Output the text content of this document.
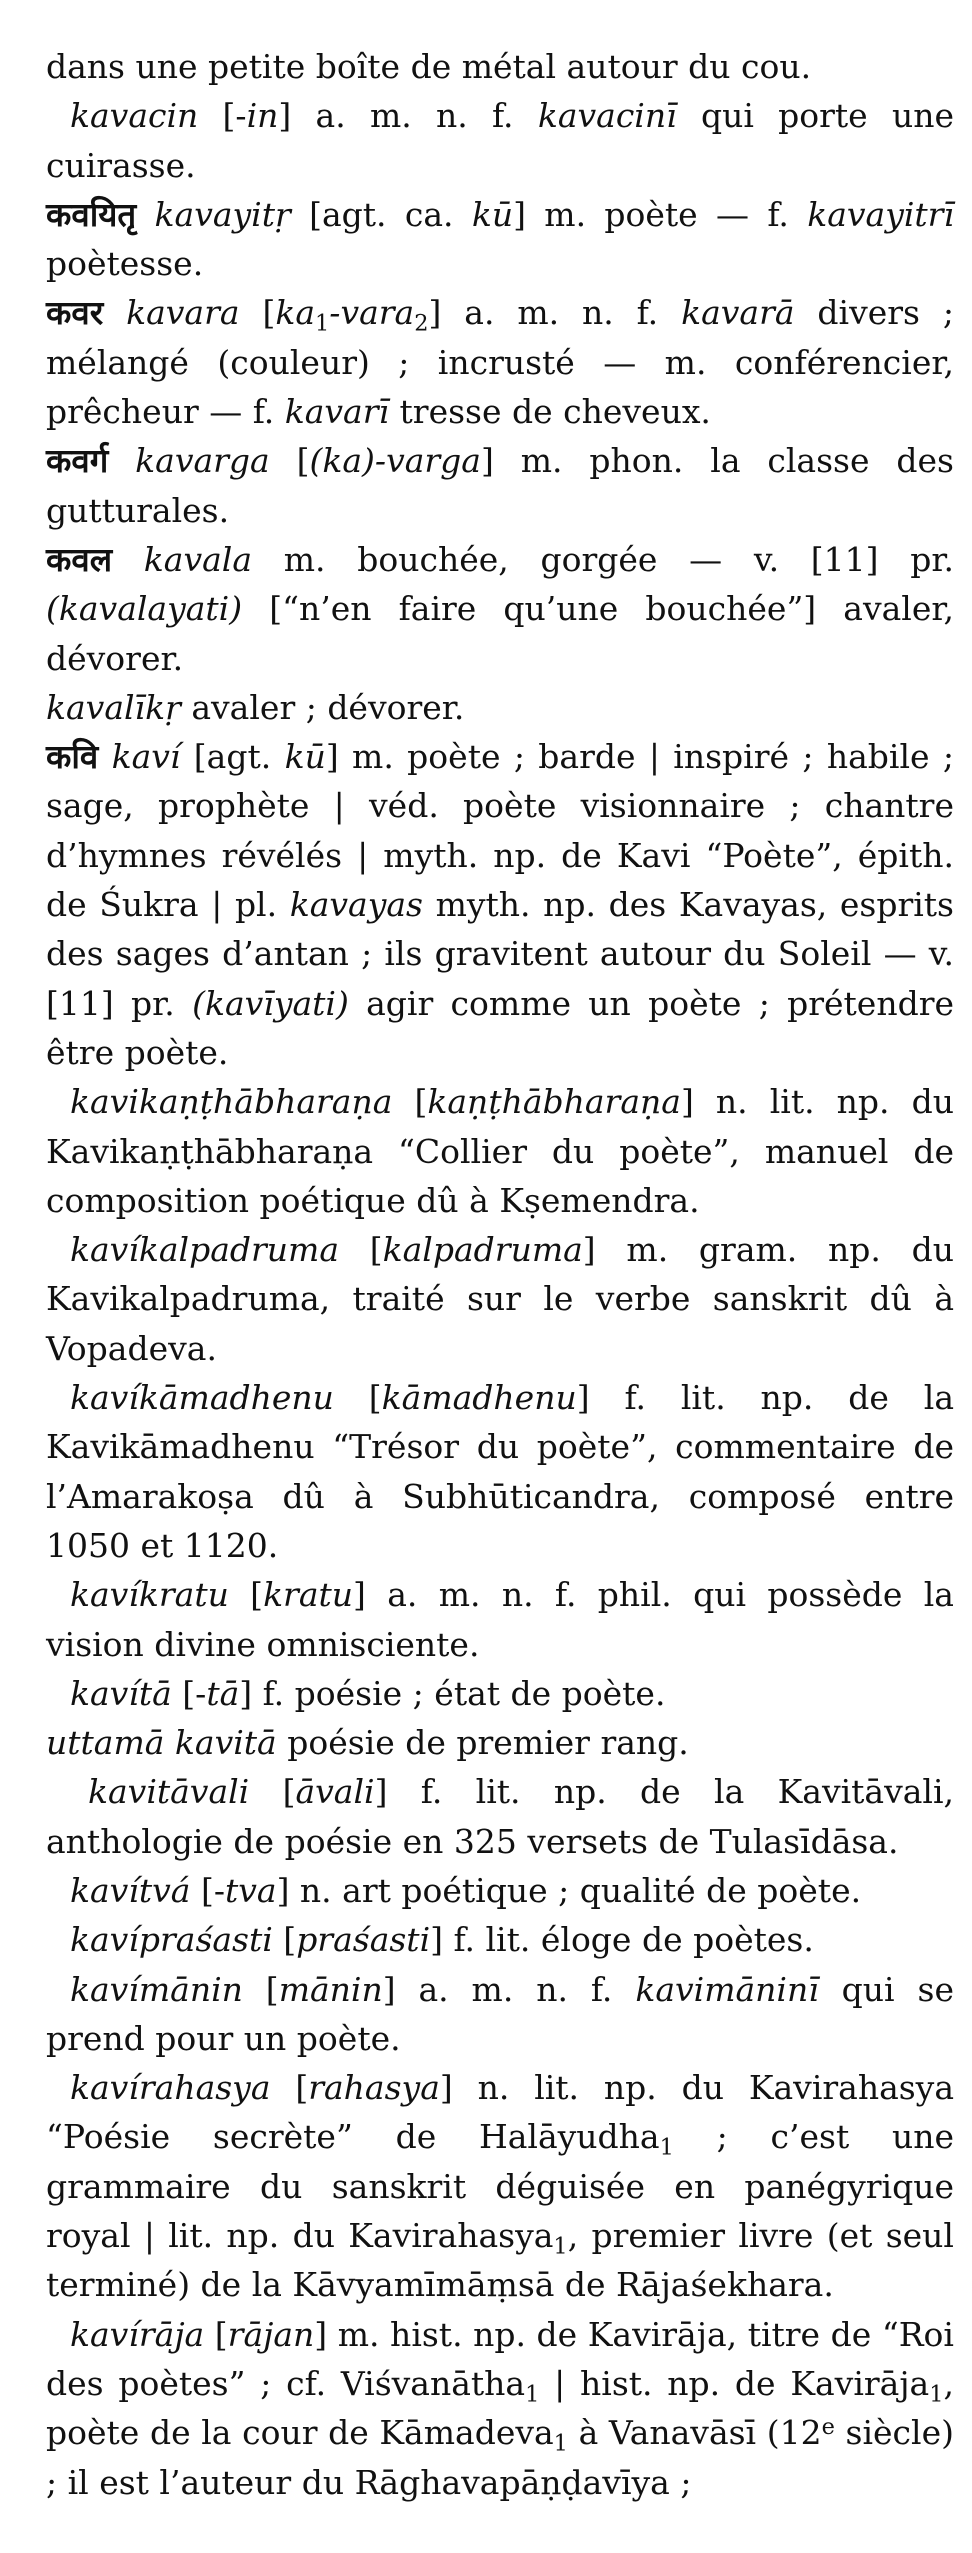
dans une petite boîte de métal autour du cou.

kavacin [-in] a. m. n. f. kavacinī qui porte une cuirasse.

कवयितृ kavayitṛ [agt. ca. kū] m. poète — f. kavayitrī poètesse.

कवर kavara $[ka_1-vara_2]$ a. m. n. f. kavarā divers ; mélangé (couleur) ; incrusté — m. conférencier, prêcheur — f. kavarī tresse de cheveux.

कवर्ग kavarga [(ka)-varga] m. phon. la classe des gutturales.

कवल kavala m. bouchée, gorgée — v. [11] pr. (kavalayati) [“n’en faire qu’une bouchée”] avaler, dévorer.

kavalīkṛ avaler ; dévorer.

कवि kaví [agt. kū] m. poète ; barde | inspiré ; habile ; sage, prophète | véd. poète visionnaire ; chantre d’hymnes révélés | myth. np. de Kavi “Poète”, épith. de Śukra | pl. kavayas myth. np. des Kavayas, esprits des sages d’antan ; ils gravitent autour du Soleil — v. [11] pr. (kavīyati) agir comme un poète ; prétendre être poète.

kavikaṇṭhābharaṇa [kaṇṭhābharaṇa] n. lit. np. du Kavikaṇṭhābharaṇa “Collier du poète”, manuel de composition poétique dû à Kṣemendra.

kavíkalpadruma [kalpadruma] m. gram. np. du Kavikalpadruma, traité sur le verbe sanskrit dû à Vopadeva.

kavíkāmadhenu [kāmadhenu] f. lit. np. de la Kavikāmadhenu “Trésor du poète”, commentaire de l’Amarakoṣa dû à Subhūticandra, composé entre 1050 et 1120.

kavíkratu [kratu] a. m. n. f. phil. qui possède la vision divine omnisciente.

kavítā [-tā] f. poésie ; état de poète.

uttamā kavitā poésie de premier rang.

kavitāvali [āvali] f. lit. np. de la Kavitāvali, anthologie de poésie en 325 versets de Tulasīdāsa.

kavítvá [-tva] n. art poétique ; qualité de poète.

kavípraśasti [praśasti] f. lit. éloge de poètes.

kavímānin [mānin] a. m. n. f. kavimāninī qui se prend pour un poète.

kavírahasya [rahasya] n. lit. np. du Kavirahasya “Poésie secrète” de Halāyudha$_1$ ; c’est une grammaire du sanskrit déguisée en panégyrique royal | lit. np. du Kavirahasya$_1$, premier livre (et seul terminé) de la Kāvyamīmāṃsā de Rājaśekhara.

kavírāja [rājan] m. hist. np. de Kavirāja, titre de “Roi des poètes” ; cf. Viśvanātha$_1$ | hist. np. de Kavirāja$_1$, poète de la cour de Kāmadeva$_1$ à Vanavāsī (12e siècle) ; il est l’auteur du Rāghavapāṇḍavīya ;
